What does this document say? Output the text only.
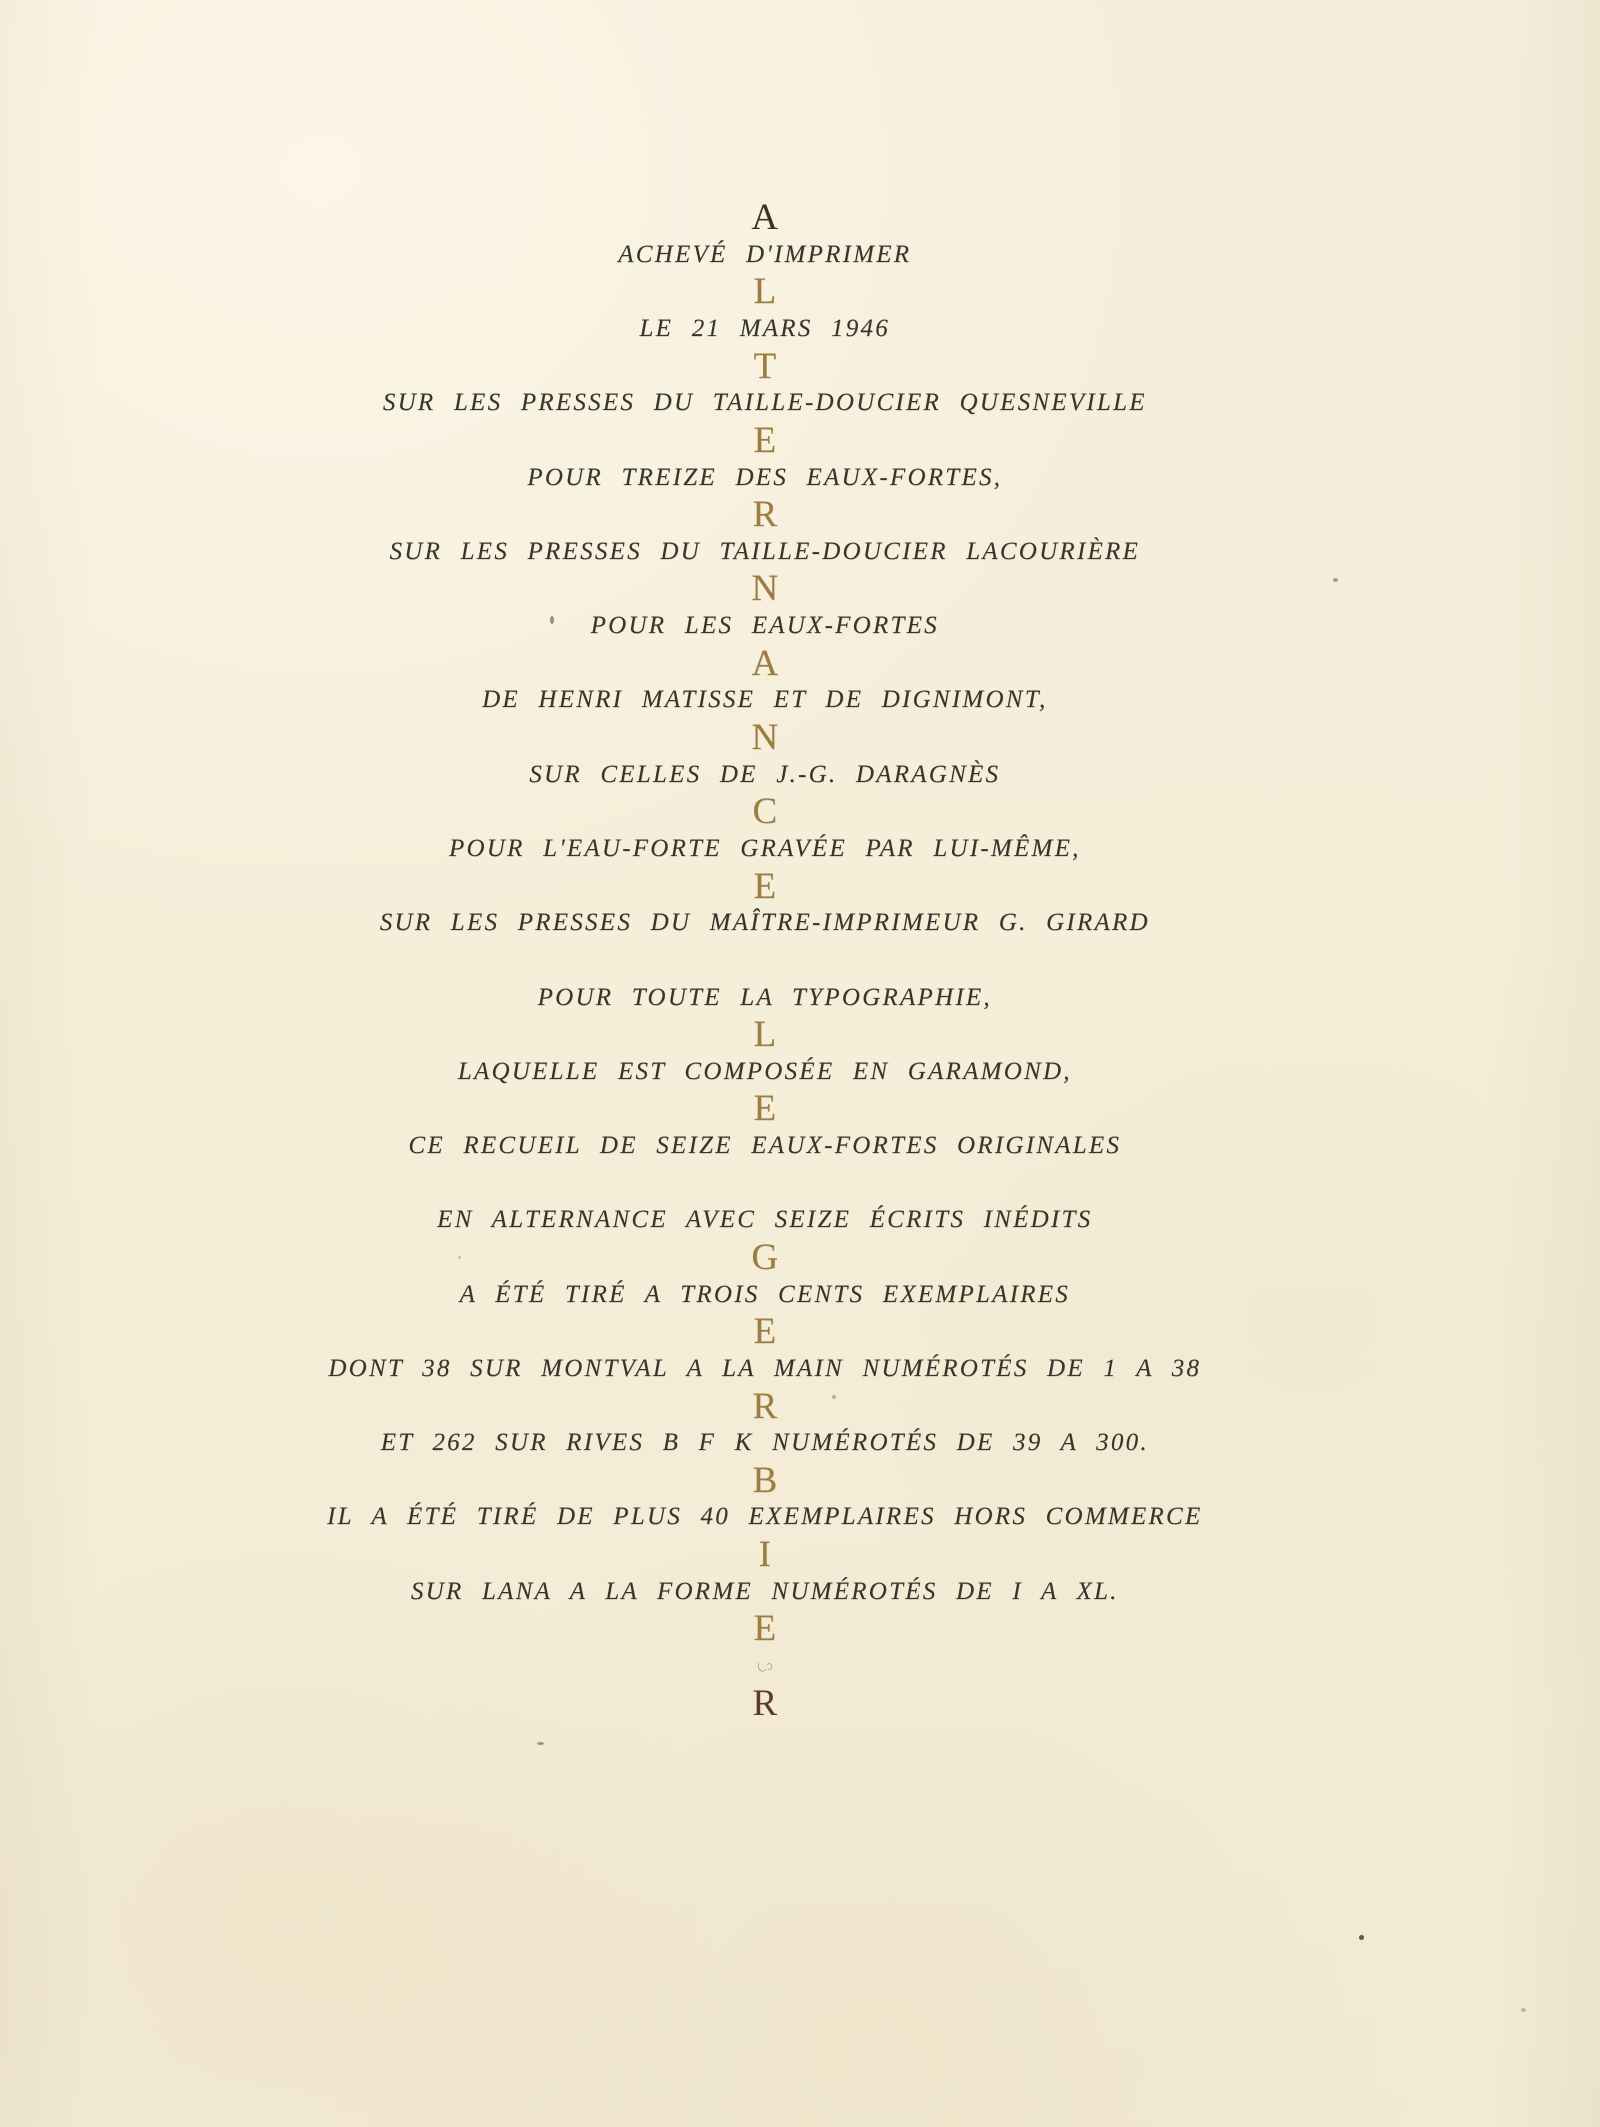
A
ACHEVÉ D'IMPRIMER
L
LE 21 MARS 1946
T
SUR LES PRESSES DU TAILLE-DOUCIER QUESNEVILLE
E
POUR TREIZE DES EAUX-FORTES,
R
SUR LES PRESSES DU TAILLE-DOUCIER LACOURIÈRE
N
POUR LES EAUX-FORTES
A
DE HENRI MATISSE ET DE DIGNIMONT,
N
SUR CELLES DE J.-G. DARAGNÈS
C
POUR L'EAU-FORTE GRAVÉE PAR LUI-MÊME,
E
SUR LES PRESSES DU MAÎTRE-IMPRIMEUR G. GIRARD
POUR TOUTE LA TYPOGRAPHIE,
L
LAQUELLE EST COMPOSÉE EN GARAMOND,
E
CE RECUEIL DE SEIZE EAUX-FORTES ORIGINALES
EN ALTERNANCE AVEC SEIZE ÉCRITS INÉDITS
G
A ÉTÉ TIRÉ A TROIS CENTS EXEMPLAIRES
E
DONT 38 SUR MONTVAL A LA MAIN NUMÉROTÉS DE 1 A 38
R
ET 262 SUR RIVES B F K NUMÉROTÉS DE 39 A 300.
B
IL A ÉTÉ TIRÉ DE PLUS 40 EXEMPLAIRES HORS COMMERCE
I
SUR LANA A LA FORME NUMÉROTÉS DE I A XL.
E
R
